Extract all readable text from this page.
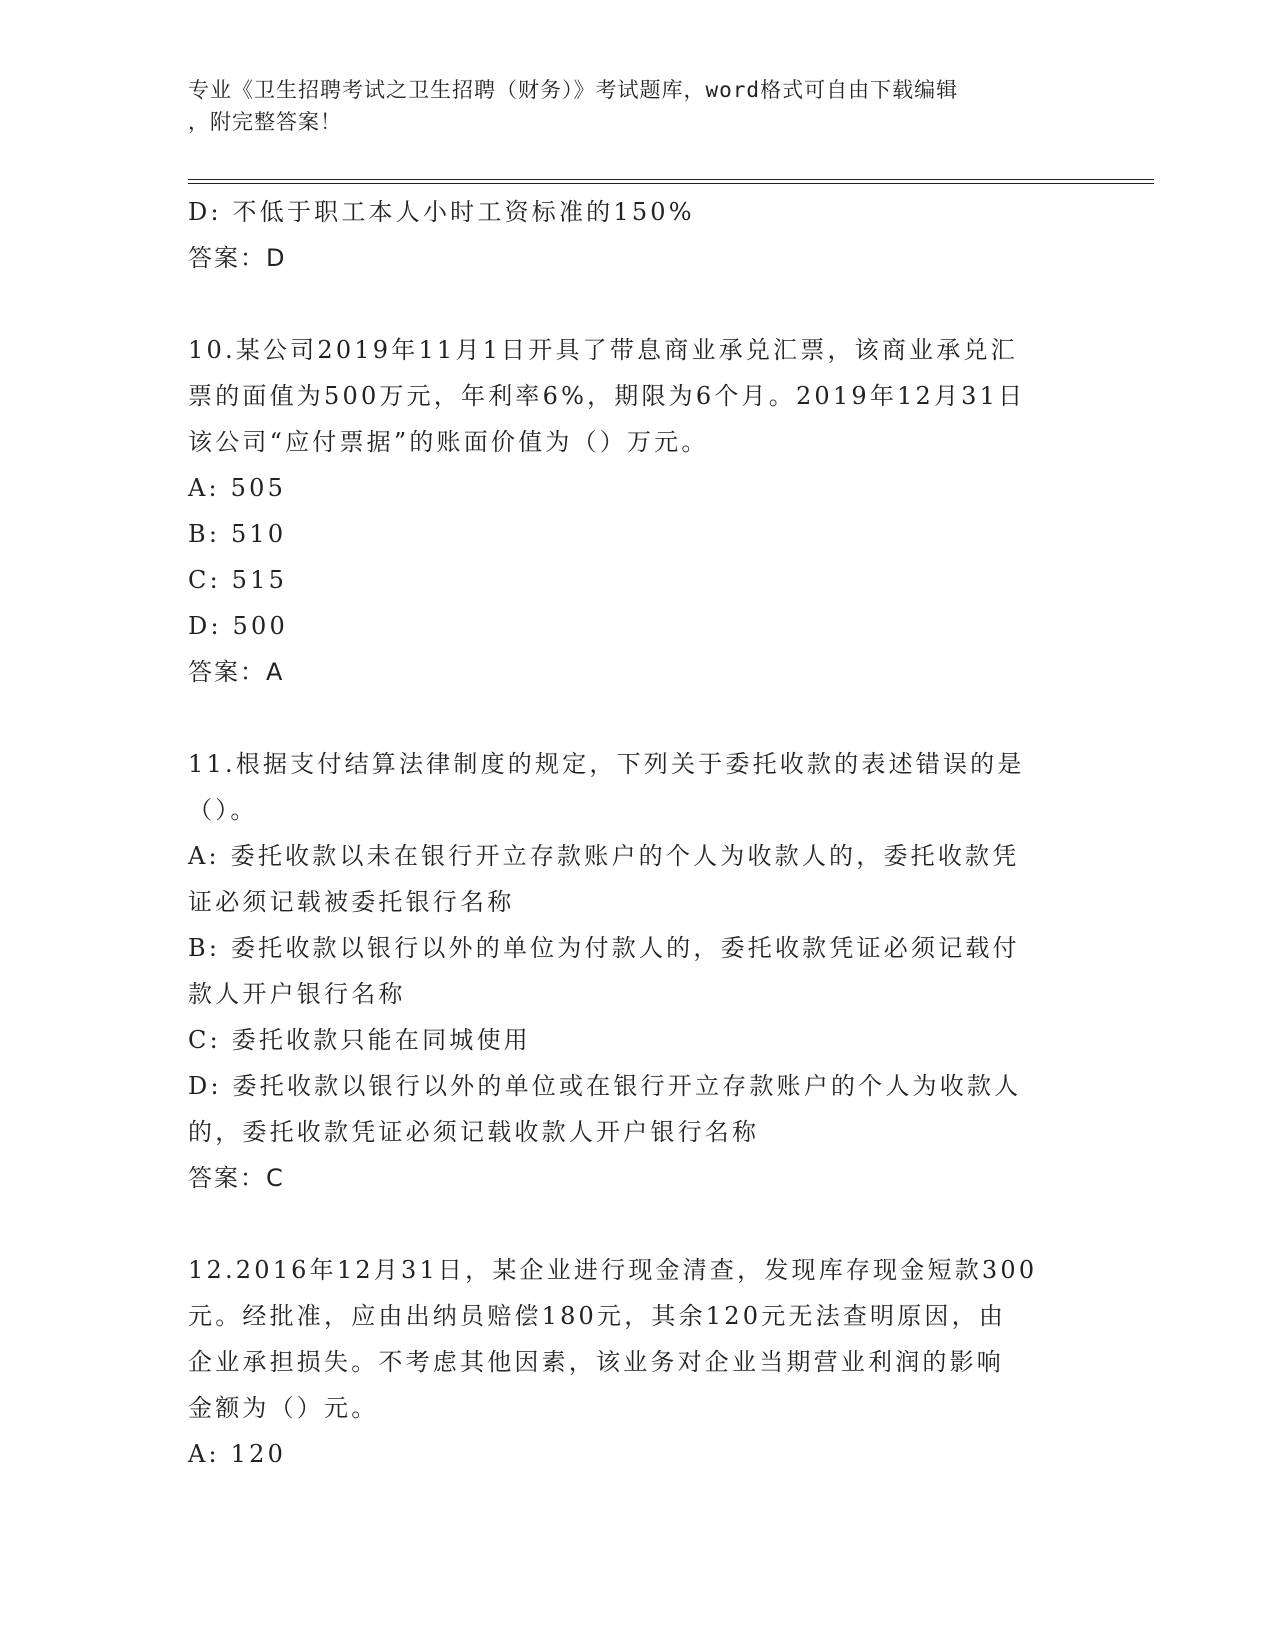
专业《卫生招聘考试之卫生招聘（财务）》考试题库，word格式可自由下载编辑
，附完整答案！
D: 不低于职工本人小时工资标准的150%
答案：D
10.某公司2019年11月1日开具了带息商业承兑汇票，该商业承兑汇
票的面值为500万元，年利率6%，期限为6个月。2019年12月31日
该公司“应付票据”的账面价值为（）万元。
A: 505
B: 510
C: 515
D: 500
答案：A
11.根据支付结算法律制度的规定，下列关于委托收款的表述错误的是
（）。
A: 委托收款以未在银行开立存款账户的个人为收款人的，委托收款凭
证必须记载被委托银行名称
B: 委托收款以银行以外的单位为付款人的，委托收款凭证必须记载付
款人开户银行名称
C: 委托收款只能在同城使用
D: 委托收款以银行以外的单位或在银行开立存款账户的个人为收款人
的，委托收款凭证必须记载收款人开户银行名称
答案：C
12.2016年12月31日，某企业进行现金清查，发现库存现金短款300
元。经批准，应由出纳员赔偿180元，其余120元无法查明原因，由
企业承担损失。不考虑其他因素，该业务对企业当期营业利润的影响
金额为（）元。
A: 120
